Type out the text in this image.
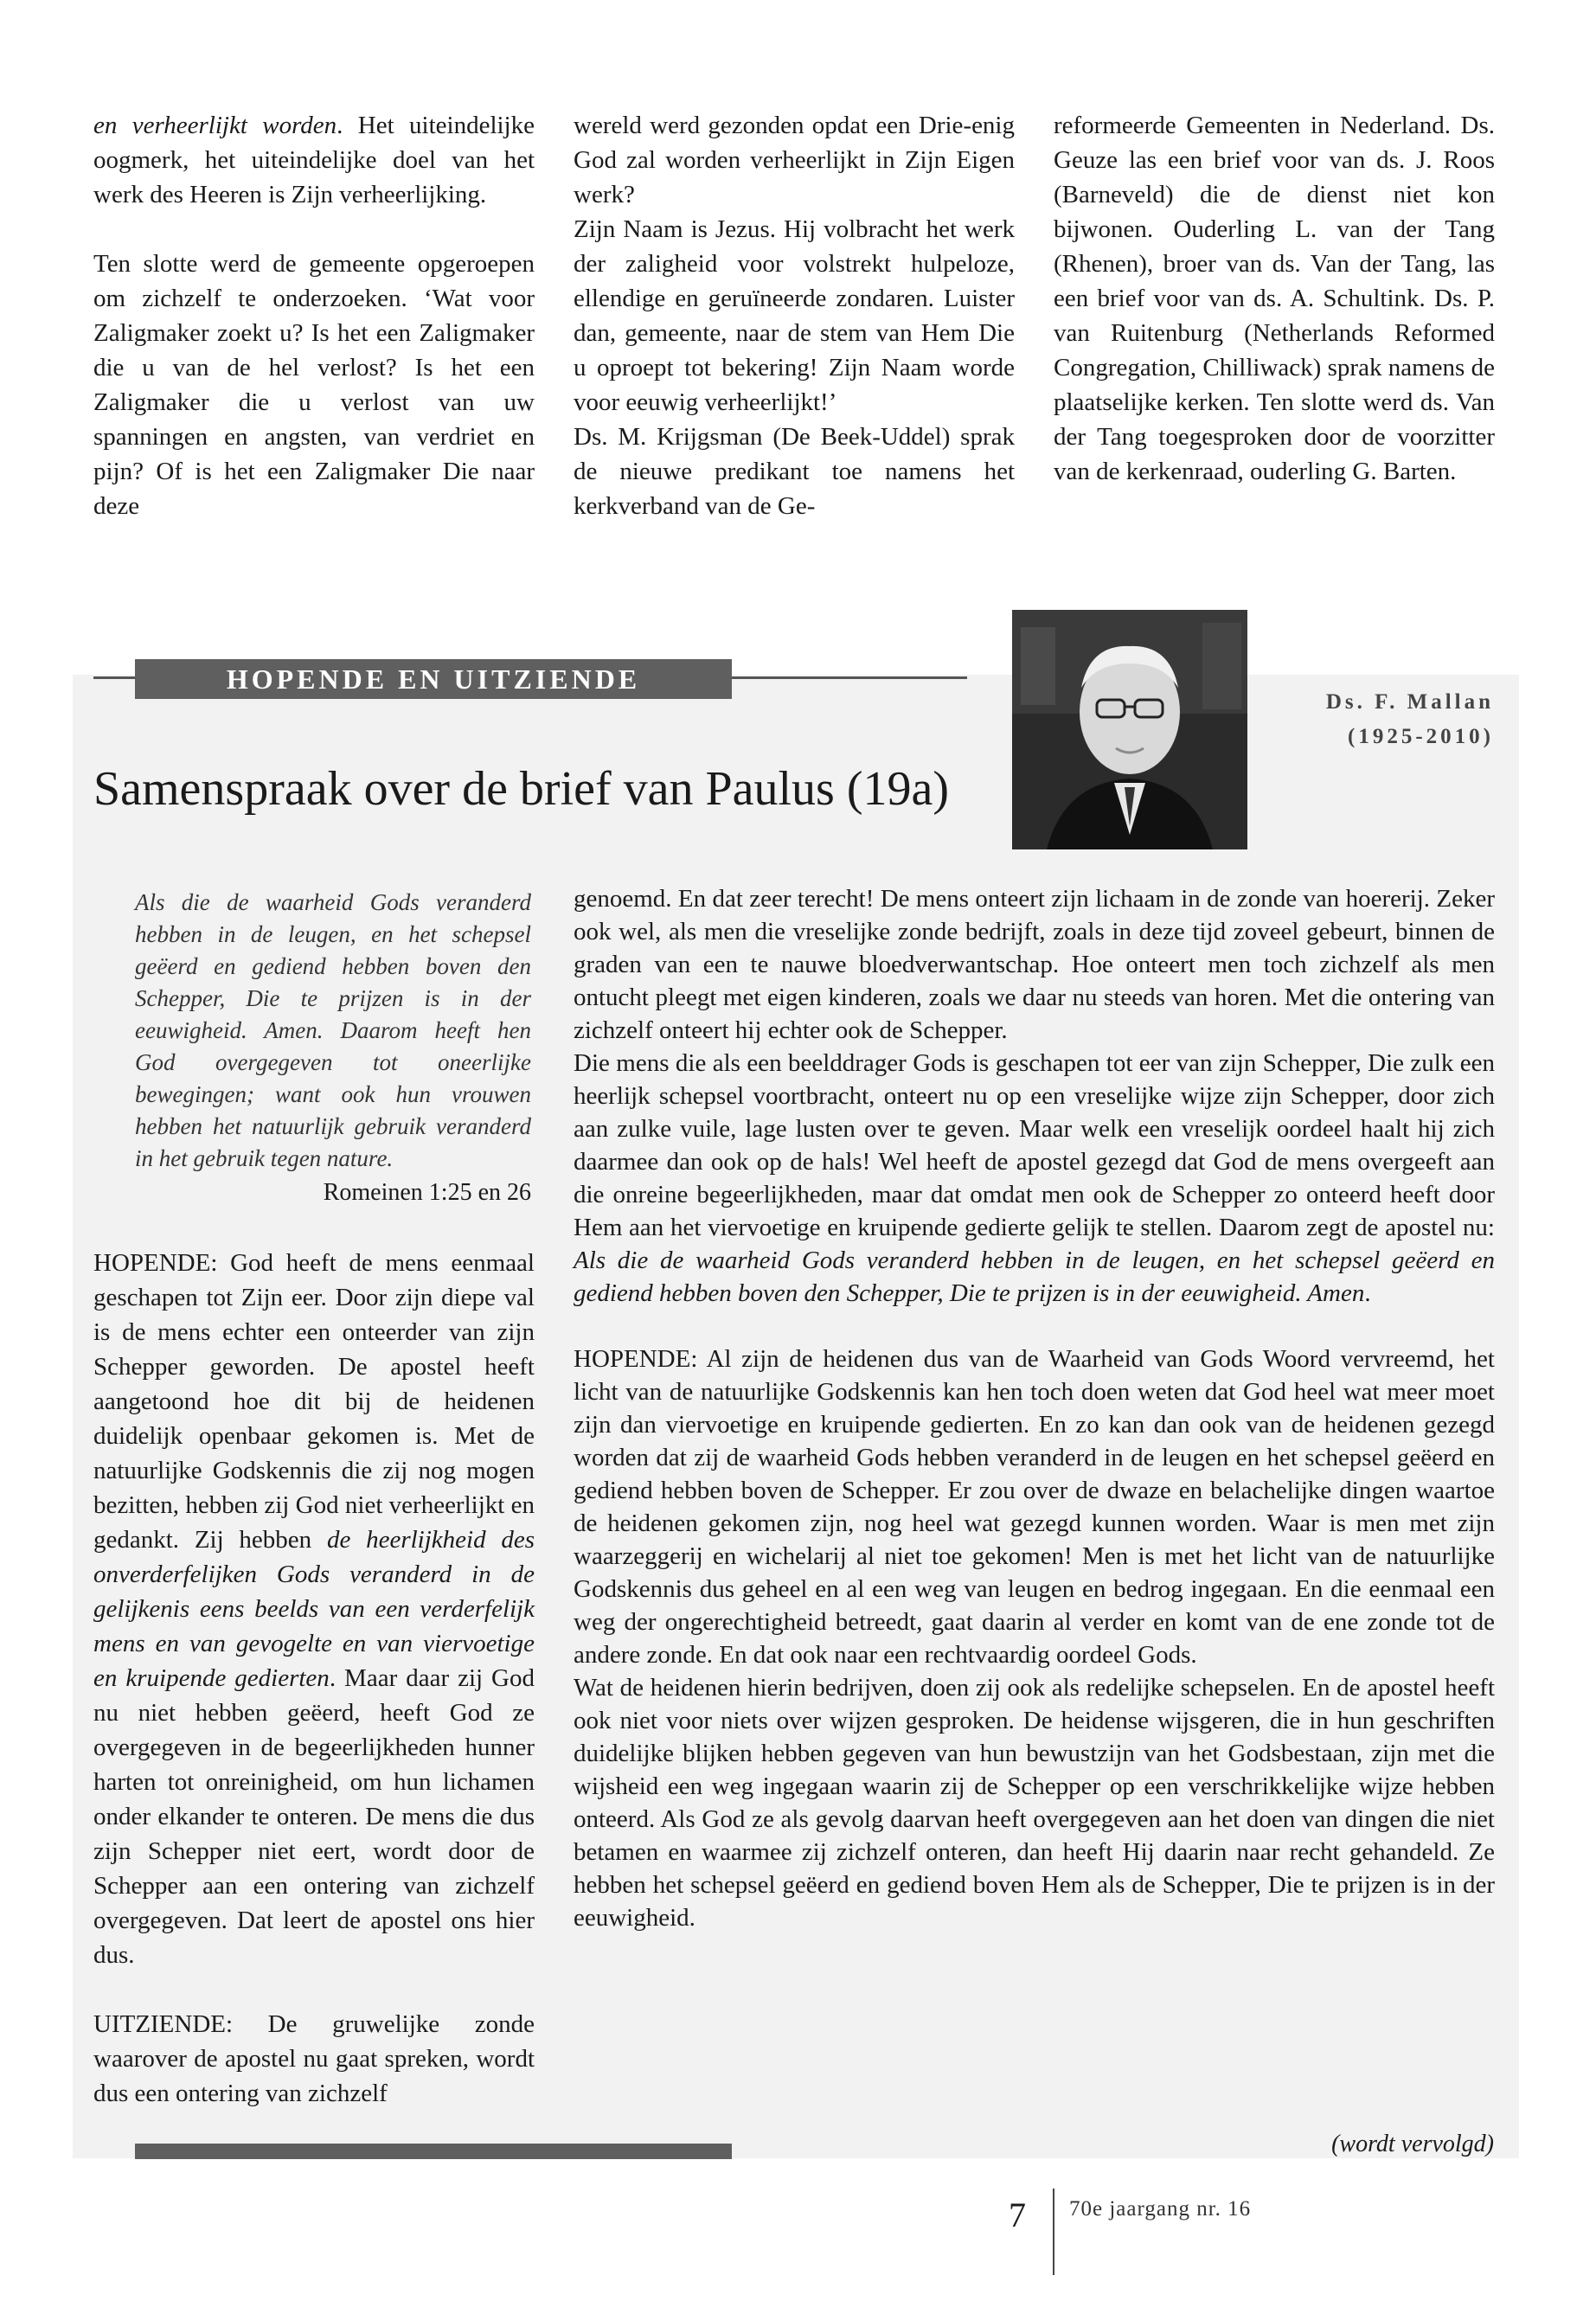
en verheerlijkt worden. Het uiteindelijke oogmerk, het uiteindelijke doel van het werk des Heeren is Zijn verheerlijking.

Ten slotte werd de gemeente opgeroepen om zichzelf te onderzoeken. ‘Wat voor Zaligmaker zoekt u? Is het een Zaligmaker die u van de hel verlost? Is het een Zaligmaker die u verlost van uw spanningen en angsten, van verdriet en pijn? Of is het een Zaligmaker Die naar deze

wereld werd gezonden opdat een Drie-enig God zal worden verheerlijkt in Zijn Eigen werk?

Zijn Naam is Jezus. Hij volbracht het werk der zaligheid voor volstrekt hulpeloze, ellendige en geruïneerde zondaren. Luister dan, gemeente, naar de stem van Hem Die u oproept tot bekering! Zijn Naam worde voor eeuwig verheerlijkt!’

Ds. M. Krijgsman (De Beek-Uddel) sprak de nieuwe predikant toe namens het kerkverband van de Ge-

reformeerde Gemeenten in Nederland. Ds. Geuze las een brief voor van ds. J. Roos (Barneveld) die de dienst niet kon bijwonen. Ouderling L. van der Tang (Rhenen), broer van ds. Van der Tang, las een brief voor van ds. A. Schultink. Ds. P. van Ruitenburg (Netherlands Reformed Congregation, Chilliwack) sprak namens de plaatselijke kerken. Ten slotte werd ds. Van der Tang toegesproken door de voorzitter van de kerkenraad, ouderling G. Barten.

HOPENDE EN UITZIENDE
Ds. F. Mallan
(1925-2010)
Samenspraak over de brief van Paulus (19a)
Als die de waarheid Gods veranderd hebben in de leugen, en het schepsel geëerd en gediend hebben boven den Schepper, Die te prijzen is in der eeuwigheid. Amen. Daarom heeft hen God overgegeven tot oneerlijke bewegingen; want ook hun vrouwen hebben het natuurlijk gebruik veranderd in het gebruik tegen nature.
Romeinen 1:25 en 26

HOPENDE: God heeft de mens eenmaal geschapen tot Zijn eer. Door zijn diepe val is de mens echter een onteerder van zijn Schepper geworden. De apostel heeft aangetoond hoe dit bij de heidenen duidelijk openbaar gekomen is. Met de natuurlijke Godskennis die zij nog mogen bezitten, hebben zij God niet verheerlijkt en gedankt. Zij hebben de heerlijkheid des onverderfelijken Gods veranderd in de gelijkenis eens beelds van een verderfelijk mens en van gevogelte en van viervoetige en kruipende gedierten. Maar daar zij God nu niet hebben geëerd, heeft God ze overgegeven in de begeerlijkheden hunner harten tot onreinigheid, om hun lichamen onder elkander te onteren. De mens die dus zijn Schepper niet eert, wordt door de Schepper aan een ontering van zichzelf overgegeven. Dat leert de apostel ons hier dus.

UITZIENDE: De gruwelijke zonde waarover de apostel nu gaat spreken, wordt dus een ontering van zichzelf

genoemd. En dat zeer terecht! De mens onteert zijn lichaam in de zonde van hoererij. Zeker ook wel, als men die vreselijke zonde bedrijft, zoals in deze tijd zoveel gebeurt, binnen de graden van een te nauwe bloedverwantschap. Hoe onteert men toch zichzelf als men ontucht pleegt met eigen kinderen, zoals we daar nu steeds van horen. Met die ontering van zichzelf onteert hij echter ook de Schepper.

Die mens die als een beelddrager Gods is geschapen tot eer van zijn Schepper, Die zulk een heerlijk schepsel voortbracht, onteert nu op een vreselijke wijze zijn Schepper, door zich aan zulke vuile, lage lusten over te geven. Maar welk een vreselijk oordeel haalt hij zich daarmee dan ook op de hals! Wel heeft de apostel gezegd dat God de mens overgeeft aan die onreine begeerlijkheden, maar dat omdat men ook de Schepper zo onteerd heeft door Hem aan het viervoetige en kruipende gedierte gelijk te stellen. Daarom zegt de apostel nu: Als die de waarheid Gods veranderd hebben in de leugen, en het schepsel geëerd en gediend hebben boven den Schepper, Die te prijzen is in der eeuwigheid. Amen.

HOPENDE: Al zijn de heidenen dus van de Waarheid van Gods Woord vervreemd, het licht van de natuurlijke Godskennis kan hen toch doen weten dat God heel wat meer moet zijn dan viervoetige en kruipende gedierten. En zo kan dan ook van de heidenen gezegd worden dat zij de waarheid Gods hebben veranderd in de leugen en het schepsel geëerd en gediend hebben boven de Schepper. Er zou over de dwaze en belachelijke dingen waartoe de heidenen gekomen zijn, nog heel wat gezegd kunnen worden. Waar is men met zijn waarzeggerij en wichelarij al niet toe gekomen! Men is met het licht van de natuurlijke Godskennis dus geheel en al een weg van leugen en bedrog ingegaan. En die eenmaal een weg der ongerechtigheid betreedt, gaat daarin al verder en komt van de ene zonde tot de andere zonde. En dat ook naar een rechtvaardig oordeel Gods.

Wat de heidenen hierin bedrijven, doen zij ook als redelijke schepselen. En de apostel heeft ook niet voor niets over wijzen gesproken. De heidense wijsgeren, die in hun geschriften duidelijke blijken hebben gegeven van hun bewustzijn van het Godsbestaan, zijn met die wijsheid een weg ingegaan waarin zij de Schepper op een verschrikkelijke wijze hebben onteerd. Als God ze als gevolg daarvan heeft overgegeven aan het doen van dingen die niet betamen en waarmee zij zichzelf onteren, dan heeft Hij daarin naar recht gehandeld. Ze hebben het schepsel geëerd en gediend boven Hem als de Schepper, Die te prijzen is in der eeuwigheid.

(wordt vervolgd)
7 70e jaargang nr. 16
